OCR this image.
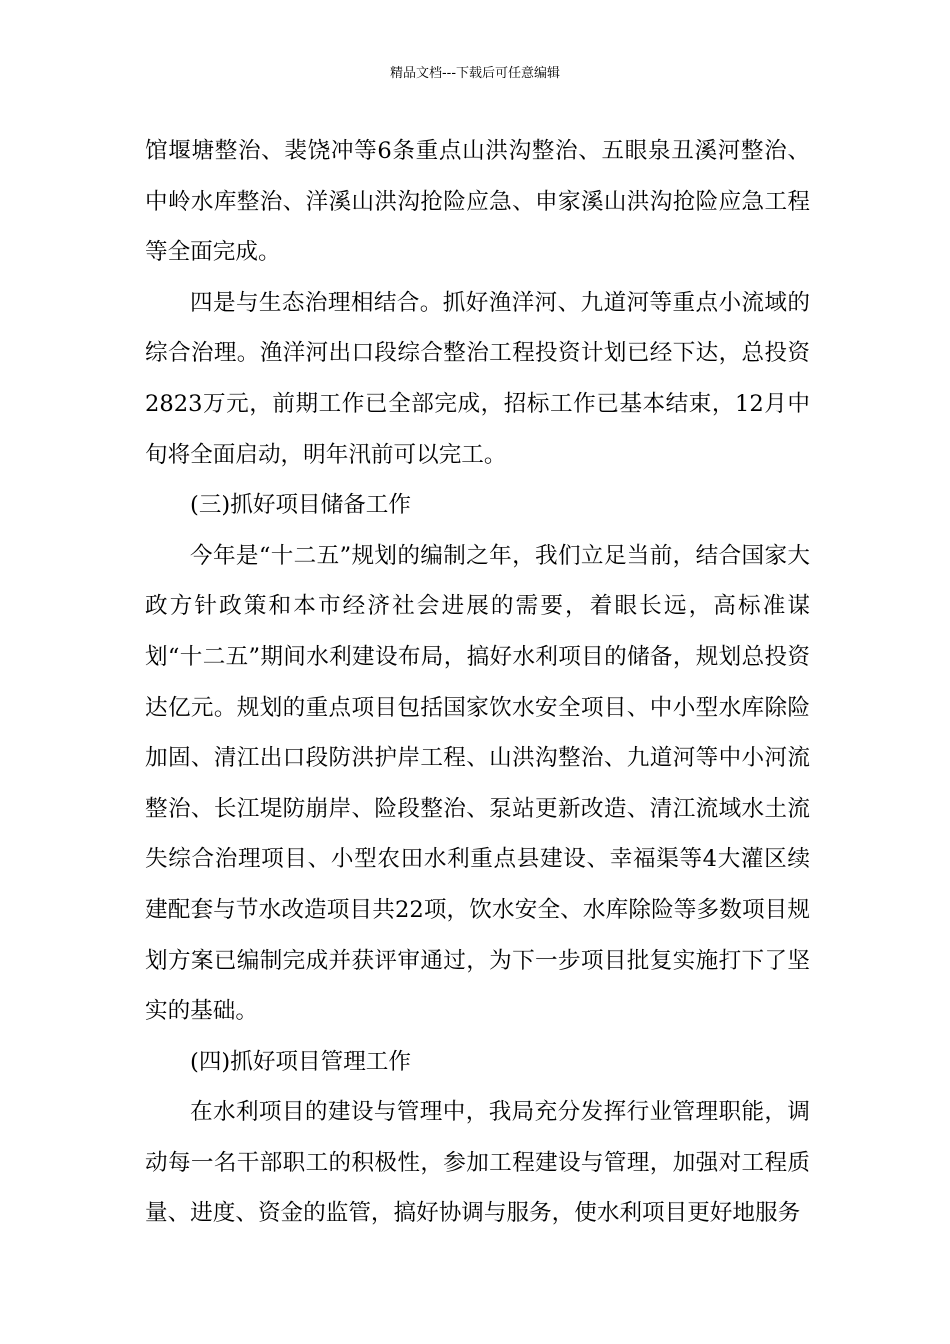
精品文档---下载后可任意编辑

馆堰塘整治、裴饶冲等6条重点山洪沟整治、五眼泉丑溪河整治、中岭水库整治、洋溪山洪沟抢险应急、申家溪山洪沟抢险应急工程等全面完成。

四是与生态治理相结合。抓好渔洋河、九道河等重点小流域的综合治理。渔洋河出口段综合整治工程投资计划已经下达，总投资2823万元，前期工作已全部完成，招标工作已基本结束，12月中旬将全面启动，明年汛前可以完工。

(三)抓好项目储备工作

今年是“十二五”规划的编制之年，我们立足当前，结合国家大政方针政策和本市经济社会进展的需要，着眼长远，高标准谋划“十二五”期间水利建设布局，搞好水利项目的储备，规划总投资达亿元。规划的重点项目包括国家饮水安全项目、中小型水库除险加固、清江出口段防洪护岸工程、山洪沟整治、九道河等中小河流整治、长江堤防崩岸、险段整治、泵站更新改造、清江流域水土流失综合治理项目、小型农田水利重点县建设、幸福渠等4大灌区续建配套与节水改造项目共22项，饮水安全、水库除险等多数项目规划方案已编制完成并获评审通过，为下一步项目批复实施打下了坚实的基础。

(四)抓好项目管理工作

在水利项目的建设与管理中，我局充分发挥行业管理职能，调动每一名干部职工的积极性，参加工程建设与管理，加强对工程质量、进度、资金的监管，搞好协调与服务，使水利项目更好地服务
